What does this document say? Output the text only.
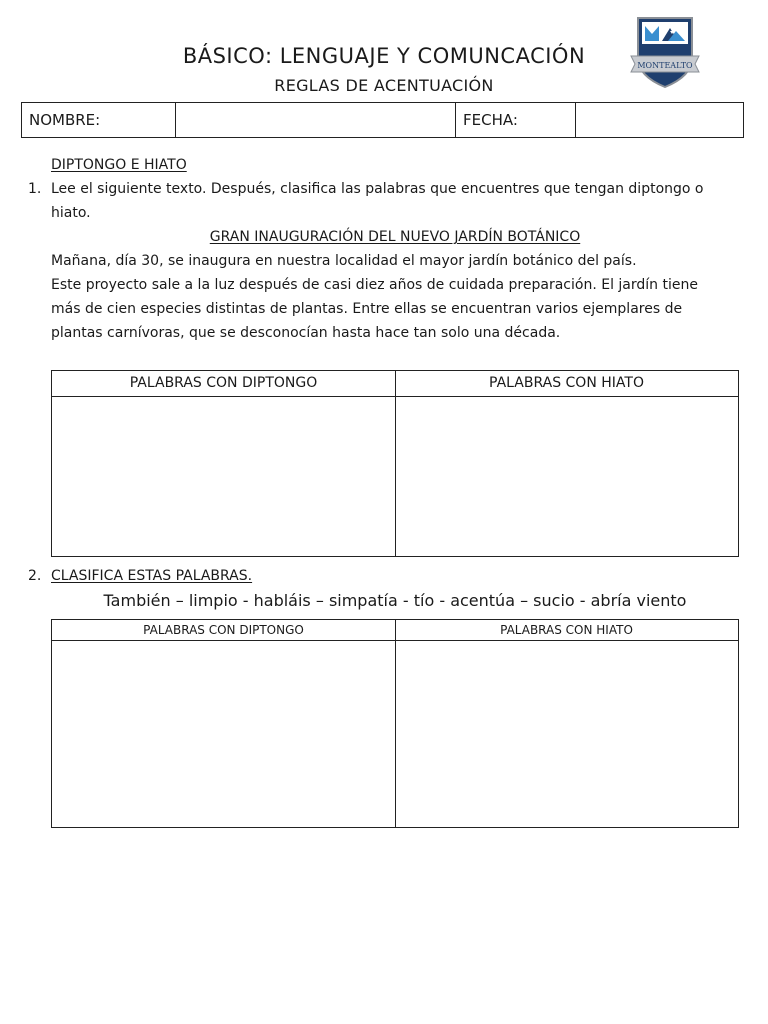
BÁSICO: LENGUAJE Y COMUNCACIÓN
REGLAS DE ACENTUACIÓN
MONTEALTO
NOMBRE:	FECHA:
DIPTONGO E HIATO
1. Lee el siguiente texto. Después, clasifica las palabras que encuentres que tengan diptongo o
hiato.
GRAN INAUGURACIÓN DEL NUEVO JARDÍN BOTÁNICO
Mañana, día 30, se inaugura en nuestra localidad el mayor jardín botánico del país.
Este proyecto sale a la luz después de casi diez años de cuidada preparación. El jardín tiene
más de cien especies distintas de plantas. Entre ellas se encuentran varios ejemplares de
plantas carnívoras, que se desconocían hasta hace tan solo una década.
PALABRAS CON DIPTONGO	PALABRAS CON HIATO
2. CLASIFICA ESTAS PALABRAS.
También – limpio - habláis – simpatía - tío - acentúa – sucio - abría viento
PALABRAS CON DIPTONGO	PALABRAS CON HIATO
